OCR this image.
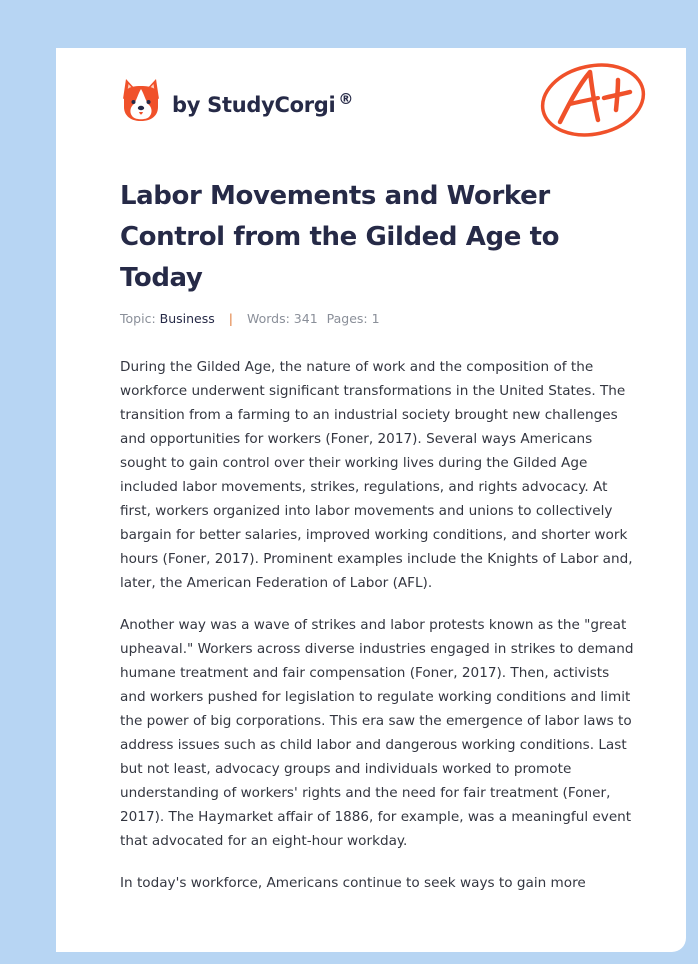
by StudyCorgi ®
Labor Movements and Worker Control from the Gilded Age to Today
Topic: Business | Words: 341 Pages: 1

During the Gilded Age, the nature of work and the composition of the workforce underwent significant transformations in the United States. The transition from a farming to an industrial society brought new challenges and opportunities for workers (Foner, 2017). Several ways Americans sought to gain control over their working lives during the Gilded Age included labor movements, strikes, regulations, and rights advocacy. At first, workers organized into labor movements and unions to collectively bargain for better salaries, improved working conditions, and shorter work hours (Foner, 2017). Prominent examples include the Knights of Labor and, later, the American Federation of Labor (AFL).

Another way was a wave of strikes and labor protests known as the "great upheaval." Workers across diverse industries engaged in strikes to demand humane treatment and fair compensation (Foner, 2017). Then, activists and workers pushed for legislation to regulate working conditions and limit the power of big corporations. This era saw the emergence of labor laws to address issues such as child labor and dangerous working conditions. Last but not least, advocacy groups and individuals worked to promote understanding of workers' rights and the need for fair treatment (Foner, 2017). The Haymarket affair of 1886, for example, was a meaningful event that advocated for an eight-hour workday.

In today's workforce, Americans continue to seek ways to gain more
